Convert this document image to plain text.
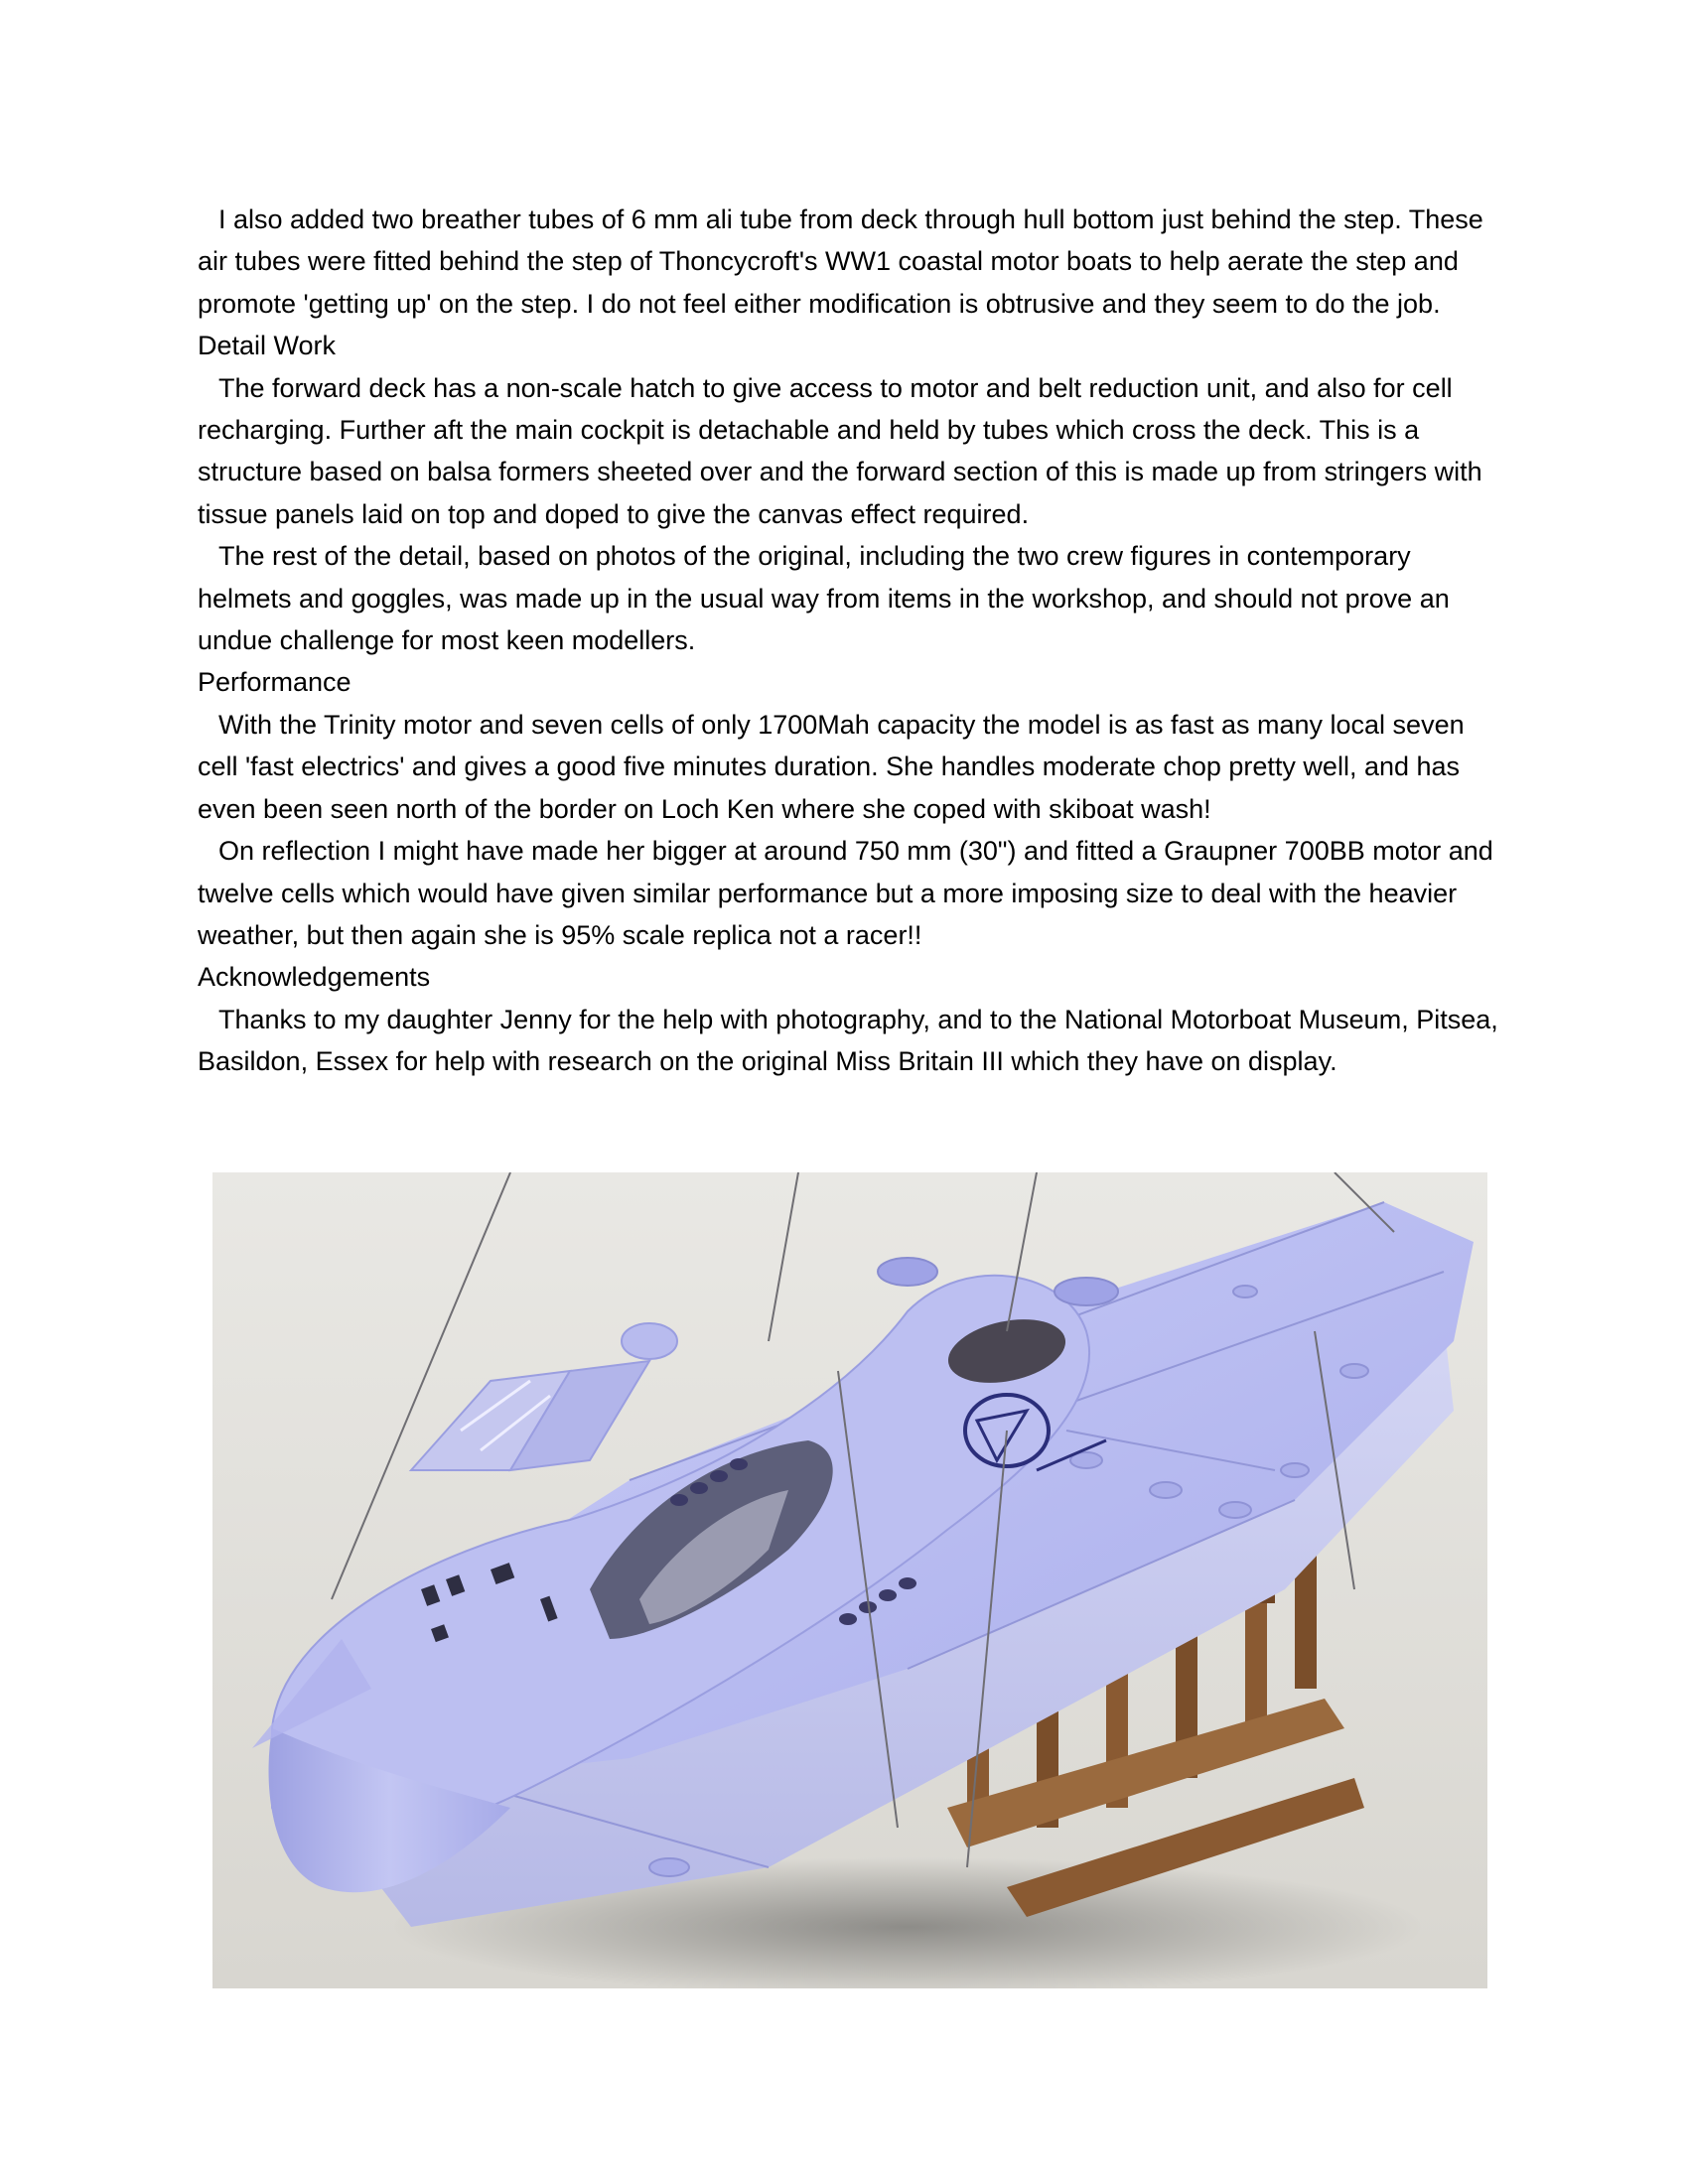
I also added two breather tubes of 6 mm ali tube from deck through hull bottom just behind the step. These air tubes were fitted behind the step of Thoncycroft's WW1 coastal motor boats to help aerate the step and promote 'getting up' on the step. I do not feel either modification is obtrusive and they seem to do the job.

Detail Work

The forward deck has a non-scale hatch to give access to motor and belt reduction unit, and also for cell recharging. Further aft the main cockpit is detachable and held by tubes which cross the deck. This is a structure based on balsa formers sheeted over and the forward section of this is made up from stringers with tissue panels laid on top and doped to give the canvas effect required.

The rest of the detail, based on photos of the original, including the two crew figures in contemporary helmets and goggles, was made up in the usual way from items in the workshop, and should not prove an undue challenge for most keen modellers.

Performance

With the Trinity motor and seven cells of only 1700Mah capacity the model is as fast as many local seven cell 'fast electrics' and gives a good five minutes duration. She handles moderate chop pretty well, and has even been seen north of the border on Loch Ken where she coped with skiboat wash!

On reflection I might have made her bigger at around 750 mm (30") and fitted a Graupner 700BB motor and twelve cells which would have given similar performance but a more imposing size to deal with the heavier weather, but then again she is 95% scale replica not a racer!!

Acknowledgements

Thanks to my daughter Jenny for the help with photography, and to the National Motorboat Museum, Pitsea, Basildon, Essex for help with research on the original Miss Britain III which they have on display.
